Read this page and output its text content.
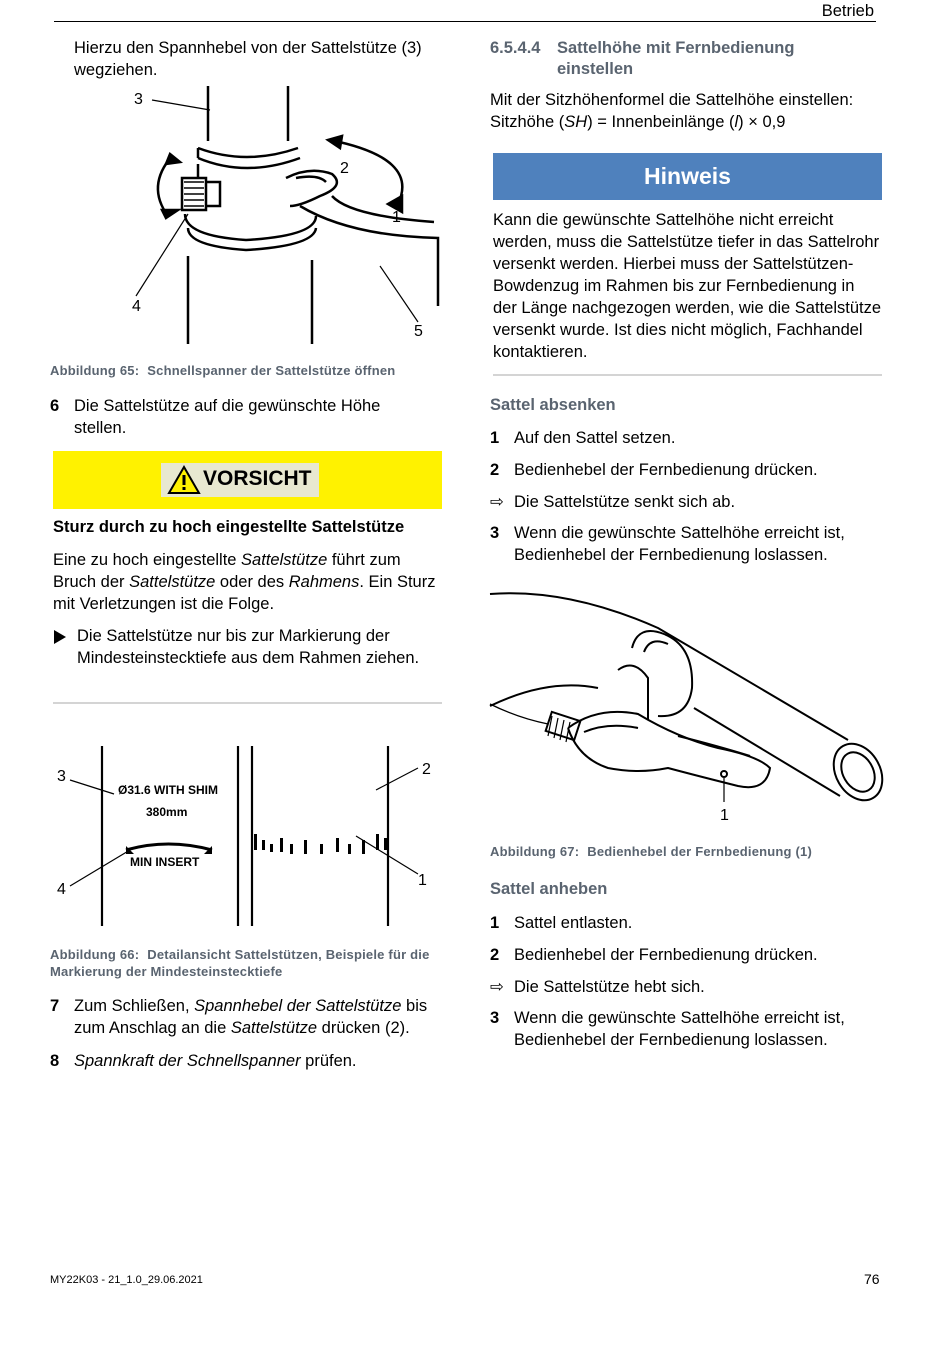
Betrieb
Hierzu den Spannhebel von der Sattelstütze (3) wegziehen.
3
2
1
4
5
Abbildung 65: Schnellspanner der Sattelstütze öffnen
6 Die Sattelstütze auf die gewünschte Höhe stellen.
VORSICHT
Sturz durch zu hoch eingestellte Sattelstütze
Eine zu hoch eingestellte Sattelstütze führt zum Bruch der Sattelstütze oder des Rahmens. Ein Sturz mit Verletzungen ist die Folge.
Die Sattelstütze nur bis zur Markierung der Mindesteinstecktiefe aus dem Rahmen ziehen.
Ø31.6 WITH SHIM
380mm
MIN INSERT
3
4
2
1
Abbildung 66: Detailansicht Sattelstützen, Beispiele für die Markierung der Mindesteinstecktiefe
7 Zum Schließen, Spannhebel der Sattelstütze bis zum Anschlag an die Sattelstütze drücken (2).
8 Spannkraft der Schnellspanner prüfen.
6.5.4.4 Sattelhöhe mit Fernbedienung einstellen
Mit der Sitzhöhenformel die Sattelhöhe einstellen:
Sitzhöhe (SH) = Innenbeinlänge (l) × 0,9
Hinweis
Kann die gewünschte Sattelhöhe nicht erreicht werden, muss die Sattelstütze tiefer in das Sattelrohr versenkt werden. Hierbei muss der Sattelstützen-Bowdenzug im Rahmen bis zur Fernbedienung in der Länge nachgezogen werden, wie die Sattelstütze versenkt wurde. Ist dies nicht möglich, Fachhandel kontaktieren.
Sattel absenken
1 Auf den Sattel setzen.
2 Bedienhebel der Fernbedienung drücken.
⇨ Die Sattelstütze senkt sich ab.
3 Wenn die gewünschte Sattelhöhe erreicht ist, Bedienhebel der Fernbedienung loslassen.
1
Abbildung 67: Bedienhebel der Fernbedienung (1)
Sattel anheben
1 Sattel entlasten.
2 Bedienhebel der Fernbedienung drücken.
⇨ Die Sattelstütze hebt sich.
3 Wenn die gewünschte Sattelhöhe erreicht ist, Bedienhebel der Fernbedienung loslassen.
MY22K03 - 21_1.0_29.06.2021	76
